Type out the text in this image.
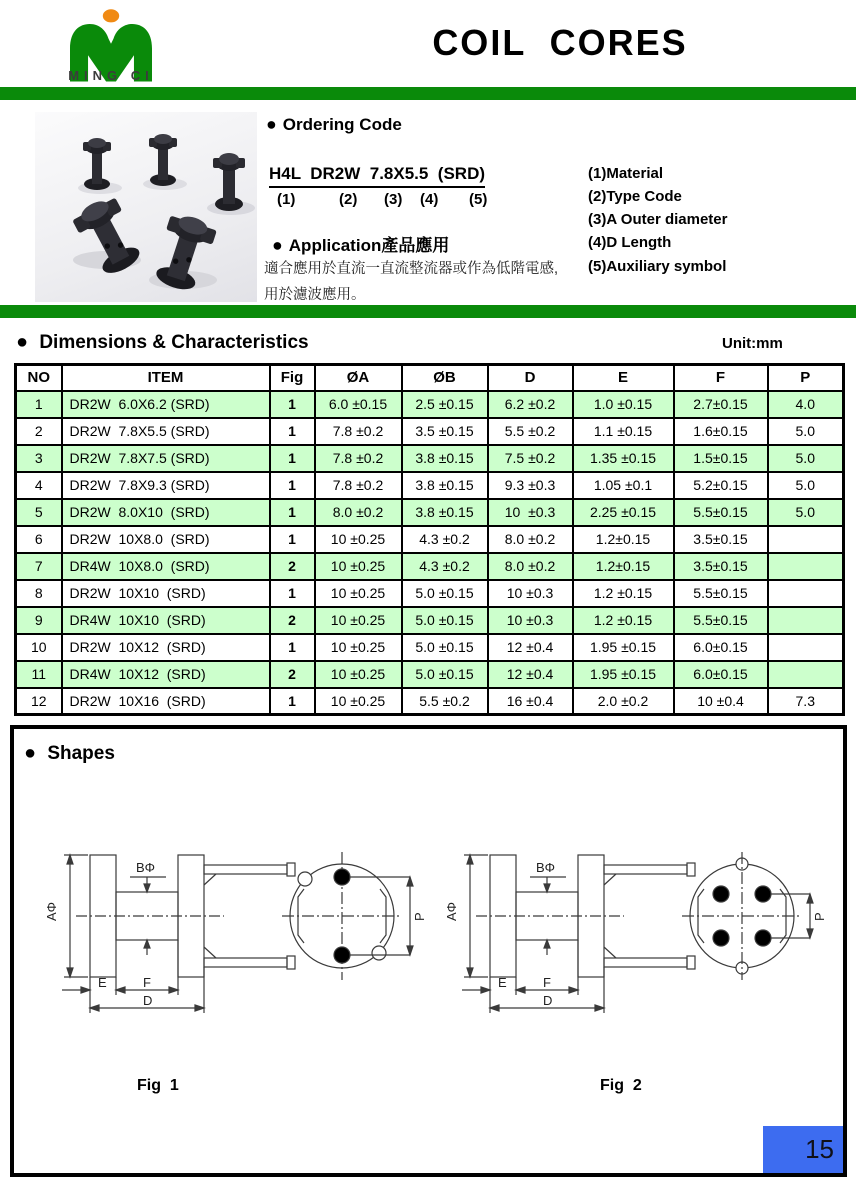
MING CI
COIL  CORES
● Ordering Code
H4L  DR2W  7.8X5.5  (SRD)
(1)	(2) (3) (4) (5)
(1)Material
(2)Type Code
(3)A Outer diameter
(4)D Length
(5)Auxiliary symbol
● Application產品應用
適合應用於直流一直流整流器或作為低階電感,
用於濾波應用。
● Dimensions & Characteristics	Unit:mm
NO	ITEM	Fig	ØA	ØB	D	E	F	P
1	DR2W  6.0X6.2 (SRD)	1	6.0 ±0.15	2.5 ±0.15	6.2 ±0.2	1.0 ±0.15	2.7±0.15	4.0
2	DR2W  7.8X5.5 (SRD)	1	7.8 ±0.2	3.5 ±0.15	5.5 ±0.2	1.1 ±0.15	1.6±0.15	5.0
3	DR2W  7.8X7.5 (SRD)	1	7.8 ±0.2	3.8 ±0.15	7.5 ±0.2	1.35 ±0.15	1.5±0.15	5.0
4	DR2W  7.8X9.3 (SRD)	1	7.8 ±0.2	3.8 ±0.15	9.3 ±0.3	1.05 ±0.1	5.2±0.15	5.0
5	DR2W  8.0X10  (SRD)	1	8.0 ±0.2	3.8 ±0.15	10  ±0.3	2.25 ±0.15	5.5±0.15	5.0
6	DR2W  10X8.0  (SRD)	1	10 ±0.25	4.3 ±0.2	8.0 ±0.2	1.2±0.15	3.5±0.15	
7	DR4W  10X8.0  (SRD)	2	10 ±0.25	4.3 ±0.2	8.0 ±0.2	1.2±0.15	3.5±0.15	
8	DR2W  10X10  (SRD)	1	10 ±0.25	5.0 ±0.15	10 ±0.3	1.2 ±0.15	5.5±0.15	
9	DR4W  10X10  (SRD)	2	10 ±0.25	5.0 ±0.15	10 ±0.3	1.2 ±0.15	5.5±0.15	
10	DR2W  10X12  (SRD)	1	10 ±0.25	5.0 ±0.15	12 ±0.4	1.95 ±0.15	6.0±0.15	
11	DR4W  10X12  (SRD)	2	10 ±0.25	5.0 ±0.15	12 ±0.4	1.95 ±0.15	6.0±0.15	
12	DR2W  10X16  (SRD)	1	10 ±0.25	5.5 ±0.2	16 ±0.4	2.0 ±0.2	10 ±0.4	7.3
● Shapes
AΦ
BΦ
E	F
D
P AΦ
BΦ
E	F
D
P
Fig  1	Fig  2
15
